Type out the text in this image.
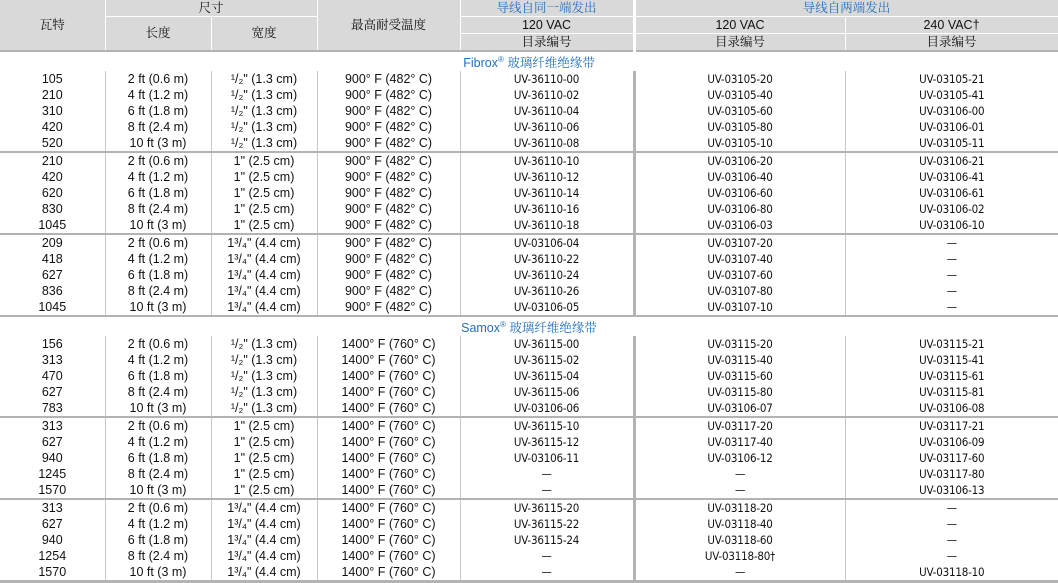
瓦特	尺寸		最高耐受温度	导线自同一端发出	导线自两端发出	
	长度	宽度		120 VAC	120 VAC	240 VAC†
				目录编号	目录编号	目录编号
Fibrox® 玻璃纤维绝缘带						
105	2 ft (0.6 m)	¹/₂" (1.3 cm)	900° F (482° C)	UV-36110-00	UV-03105-20	UV-03105-21
210	4 ft (1.2 m)	¹/₂" (1.3 cm)	900° F (482° C)	UV-36110-02	UV-03105-40	UV-03105-41
310	6 ft (1.8 m)	¹/₂" (1.3 cm)	900° F (482° C)	UV-36110-04	UV-03105-60	UV-03106-00
420	8 ft (2.4 m)	¹/₂" (1.3 cm)	900° F (482° C)	UV-36110-06	UV-03105-80	UV-03106-01
520	10 ft (3 m)	¹/₂" (1.3 cm)	900° F (482° C)	UV-36110-08	UV-03105-10	UV-03105-11
210	2 ft (0.6 m)	1" (2.5 cm)	900° F (482° C)	UV-36110-10	UV-03106-20	UV-03106-21
420	4 ft (1.2 m)	1" (2.5 cm)	900° F (482° C)	UV-36110-12	UV-03106-40	UV-03106-41
620	6 ft (1.8 m)	1" (2.5 cm)	900° F (482° C)	UV-36110-14	UV-03106-60	UV-03106-61
830	8 ft (2.4 m)	1" (2.5 cm)	900° F (482° C)	UV-36110-16	UV-03106-80	UV-03106-02
1045	10 ft (3 m)	1" (2.5 cm)	900° F (482° C)	UV-36110-18	UV-03106-03	UV-03106-10
209	2 ft (0.6 m)	1³/₄" (4.4 cm)	900° F (482° C)	UV-03106-04	UV-03107-20	—
418	4 ft (1.2 m)	1³/₄" (4.4 cm)	900° F (482° C)	UV-36110-22	UV-03107-40	—
627	6 ft (1.8 m)	1³/₄" (4.4 cm)	900° F (482° C)	UV-36110-24	UV-03107-60	—
836	8 ft (2.4 m)	1³/₄" (4.4 cm)	900° F (482° C)	UV-36110-26	UV-03107-80	—
1045	10 ft (3 m)	1³/₄" (4.4 cm)	900° F (482° C)	UV-03106-05	UV-03107-10	—
Samox® 玻璃纤维绝缘带						
156	2 ft (0.6 m)	¹/₂" (1.3 cm)	1400° F (760° C)	UV-36115-00	UV-03115-20	UV-03115-21
313	4 ft (1.2 m)	¹/₂" (1.3 cm)	1400° F (760° C)	UV-36115-02	UV-03115-40	UV-03115-41
470	6 ft (1.8 m)	¹/₂" (1.3 cm)	1400° F (760° C)	UV-36115-04	UV-03115-60	UV-03115-61
627	8 ft (2.4 m)	¹/₂" (1.3 cm)	1400° F (760° C)	UV-36115-06	UV-03115-80	UV-03115-81
783	10 ft (3 m)	¹/₂" (1.3 cm)	1400° F (760° C)	UV-03106-06	UV-03106-07	UV-03106-08
313	2 ft (0.6 m)	1" (2.5 cm)	1400° F (760° C)	UV-36115-10	UV-03117-20	UV-03117-21
627	4 ft (1.2 m)	1" (2.5 cm)	1400° F (760° C)	UV-36115-12	UV-03117-40	UV-03106-09
940	6 ft (1.8 m)	1" (2.5 cm)	1400° F (760° C)	UV-03106-11	UV-03106-12	UV-03117-60
1245	8 ft (2.4 m)	1" (2.5 cm)	1400° F (760° C)	—	—	UV-03117-80
1570	10 ft (3 m)	1" (2.5 cm)	1400° F (760° C)	—	—	UV-03106-13
313	2 ft (0.6 m)	1³/₄" (4.4 cm)	1400° F (760° C)	UV-36115-20	UV-03118-20	—
627	4 ft (1.2 m)	1³/₄" (4.4 cm)	1400° F (760° C)	UV-36115-22	UV-03118-40	—
940	6 ft (1.8 m)	1³/₄" (4.4 cm)	1400° F (760° C)	UV-36115-24	UV-03118-60	—
1254	8 ft (2.4 m)	1³/₄" (4.4 cm)	1400° F (760° C)	—	UV-03118-80†	—
1570	10 ft (3 m)	1³/₄" (4.4 cm)	1400° F (760° C)	—	—	UV-03118-10
